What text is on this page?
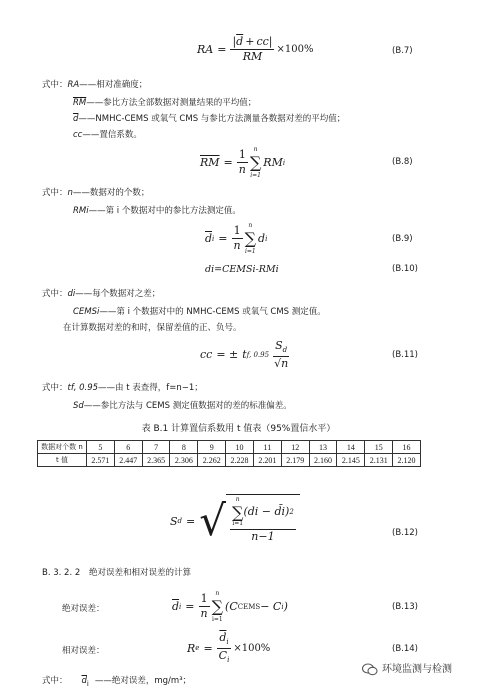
RA = $\frac{|\overline{d} + cc|}{RM} \times 100\%$	(B.7)
式中：RA——相对准确度；
$\overline{RM}——$参比方法全部数据对测量结果的平均值；
$\overline{d}——NMHC$-CEMS 或氧气 CMS 与参比方法测量各数据对差的平均值；
cc——置信系数。
$\overline{RM} = \frac{1}{n}$ n
∑
i=1
RM i	(B.8)
式中：n——数据对的个数；
RMi——第 i 个数据对中的参比方法测定值。
$\overline{d}$ $i = \frac{1}{n}$ n
∑
i=1
d i	(B.9)
di=CEMSi-RMi	(B.10)
式中：di——每个数据对之差；
CEMSi——第 i 个数据对中的 NMHC-CEMS 或氧气 CMS 测定值。
在计算数据对差的和时，保留差值的正、负号。
cc = ± t f, $0.95 \frac{S_d}{√n}$	(B.11)
式中：tf, 0.95——由 t 表查得，f=n−1；
Sd——参比方法与 CEMS 测定值数据对的差的标准偏差。
表 B.1 计算置信系数用 t 值表（95%置信水平）
数据对个数 n	5	6	7	8	9	10	11	12	13	14	15	16
t 值	2.571	2.447	2.365	2.306	2.262	2.228	2.201	2.179	2.160	2.145	2.131	2.120
S d = √ n
∑
i=1
(di − d̄i) 2
n−1	(B.12)
B. 3. 2. 2 绝对误差和相对误差的计算
绝对误差：	$\overline{d}$ $i = \frac{1}{n}$ n
∑
i=1
(C CEMS − C i )	(B.13)
相对误差：	R $e = \frac{\overline{d}_i}{C_i} \times 100\%$	(B.14)
式中： $\overline{d}_i$ ——绝对误差，mg/m³；
环境监测与检测
